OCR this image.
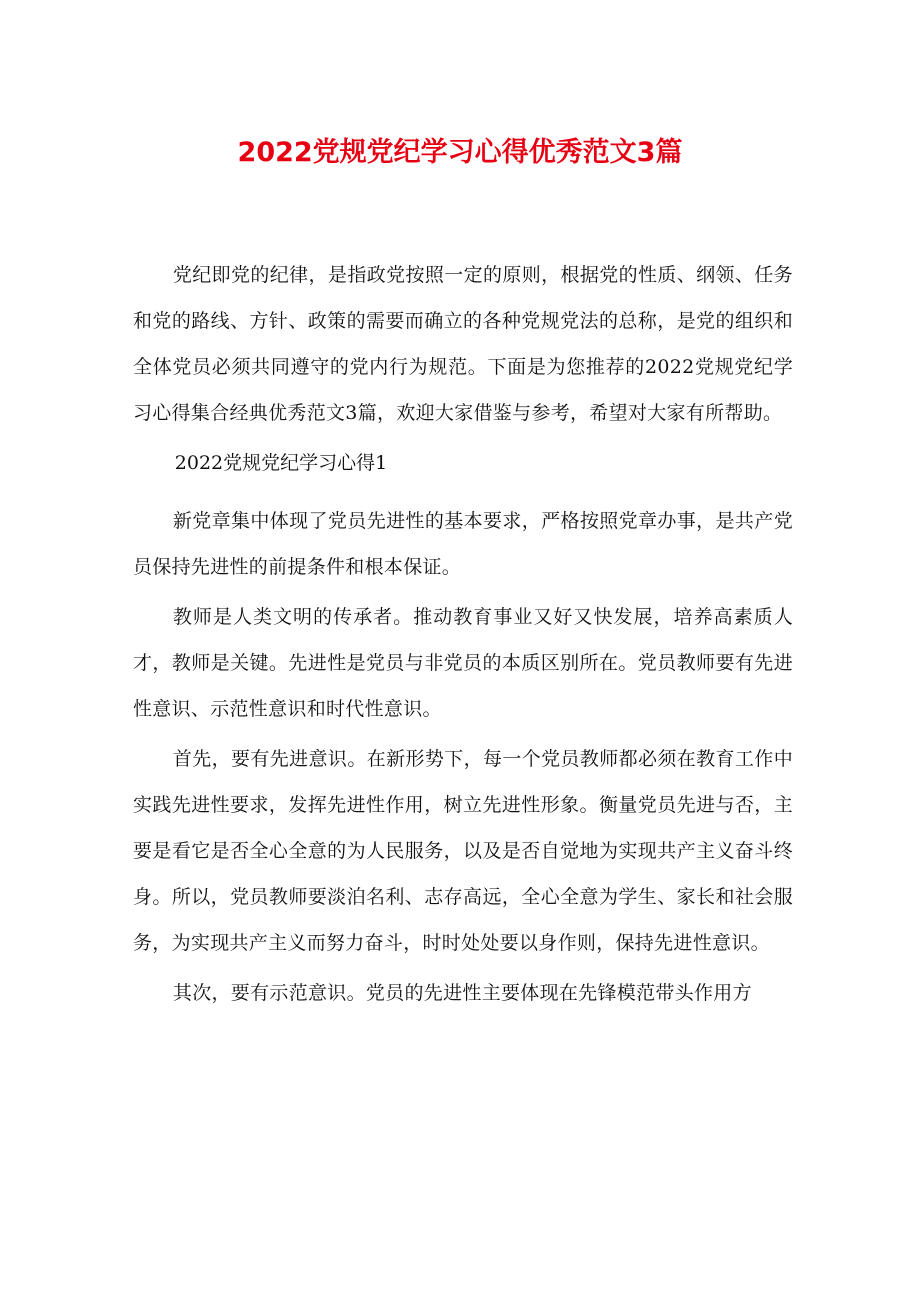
2022党规党纪学习心得优秀范文3篇

党纪即党的纪律，是指政党按照一定的原则，根据党的性质、纲领、任务和党的路线、方针、政策的需要而确立的各种党规党法的总称，是党的组织和全体党员必须共同遵守的党内行为规范。下面是为您推荐的2022党规党纪学习心得集合经典优秀范文3篇，欢迎大家借鉴与参考，希望对大家有所帮助。

2022党规党纪学习心得1

新党章集中体现了党员先进性的基本要求，严格按照党章办事，是共产党员保持先进性的前提条件和根本保证。

教师是人类文明的传承者。推动教育事业又好又快发展，培养高素质人才，教师是关键。先进性是党员与非党员的本质区别所在。党员教师要有先进性意识、示范性意识和时代性意识。

首先，要有先进意识。在新形势下，每一个党员教师都必须在教育工作中实践先进性要求，发挥先进性作用，树立先进性形象。衡量党员先进与否，主要是看它是否全心全意的为人民服务，以及是否自觉地为实现共产主义奋斗终身。所以，党员教师要淡泊名利、志存高远，全心全意为学生、家长和社会服务，为实现共产主义而努力奋斗，时时处处要以身作则，保持先进性意识。

其次，要有示范意识。党员的先进性主要体现在先锋模范带头作用方
